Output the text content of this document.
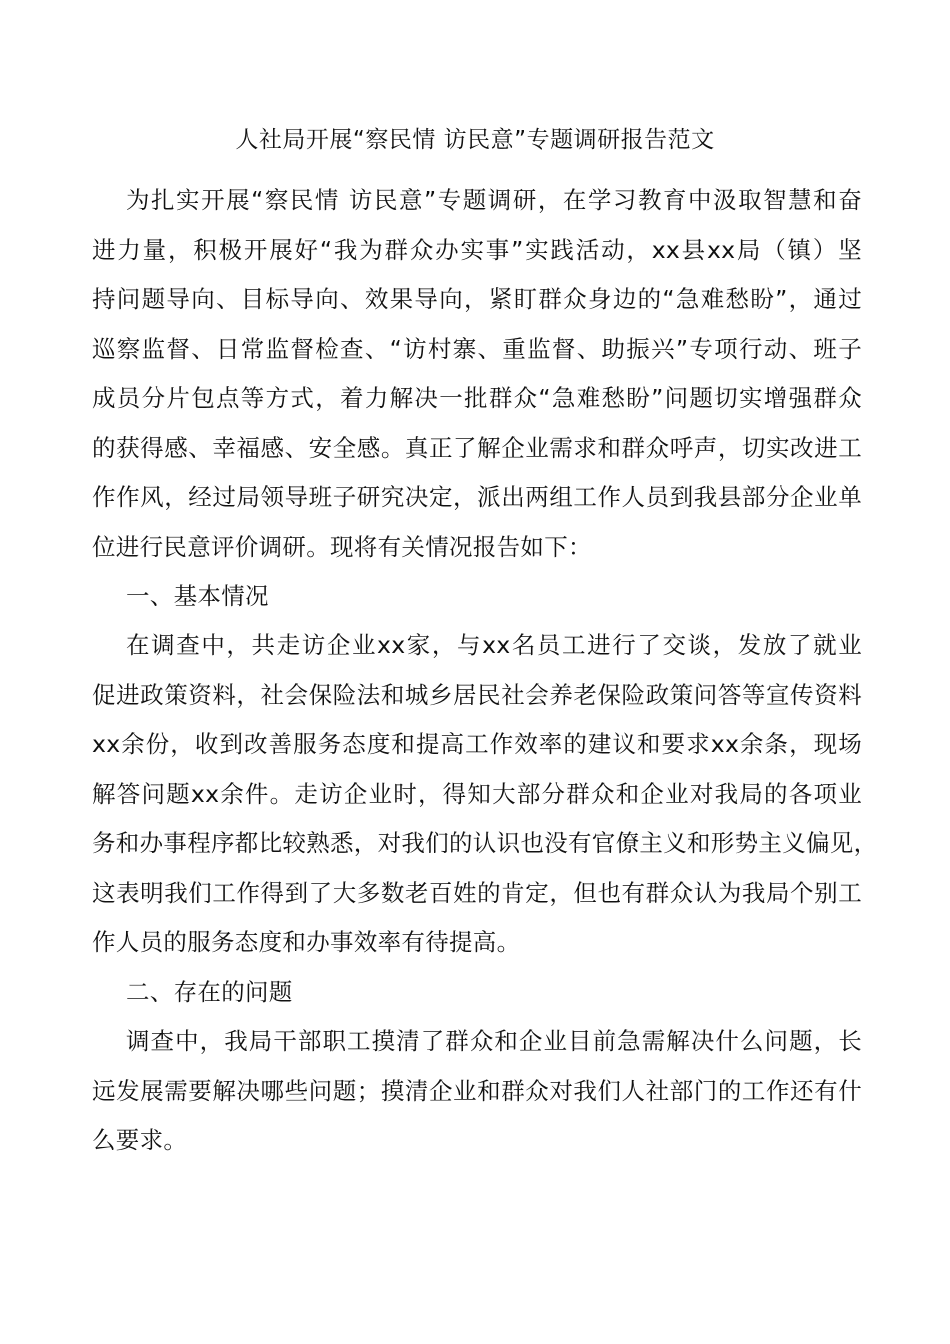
人社局开展“察民情 访民意”专题调研报告范文
为扎实开展“察民情 访民意”专题调研，在学习教育中汲取智慧和奋
进力量，积极开展好“我为群众办实事”实践活动，xx县xx局（镇）坚
持问题导向、目标导向、效果导向，紧盯群众身边的“急难愁盼”，通过
巡察监督、日常监督检查、“访村寨、重监督、助振兴”专项行动、班子
成员分片包点等方式，着力解决一批群众“急难愁盼”问题切实增强群众
的获得感、幸福感、安全感。真正了解企业需求和群众呼声，切实改进工
作作风，经过局领导班子研究决定，派出两组工作人员到我县部分企业单
位进行民意评价调研。现将有关情况报告如下：
一、基本情况
在调查中，共走访企业xx家，与xx名员工进行了交谈，发放了就业
促进政策资料，社会保险法和城乡居民社会养老保险政策问答等宣传资料
xx余份，收到改善服务态度和提高工作效率的建议和要求xx余条，现场
解答问题xx余件。走访企业时，得知大部分群众和企业对我局的各项业
务和办事程序都比较熟悉，对我们的认识也没有官僚主义和形势主义偏见，
这表明我们工作得到了大多数老百姓的肯定，但也有群众认为我局个别工
作人员的服务态度和办事效率有待提高。
二、存在的问题
调查中，我局干部职工摸清了群众和企业目前急需解决什么问题，长
远发展需要解决哪些问题；摸清企业和群众对我们人社部门的工作还有什
么要求。
